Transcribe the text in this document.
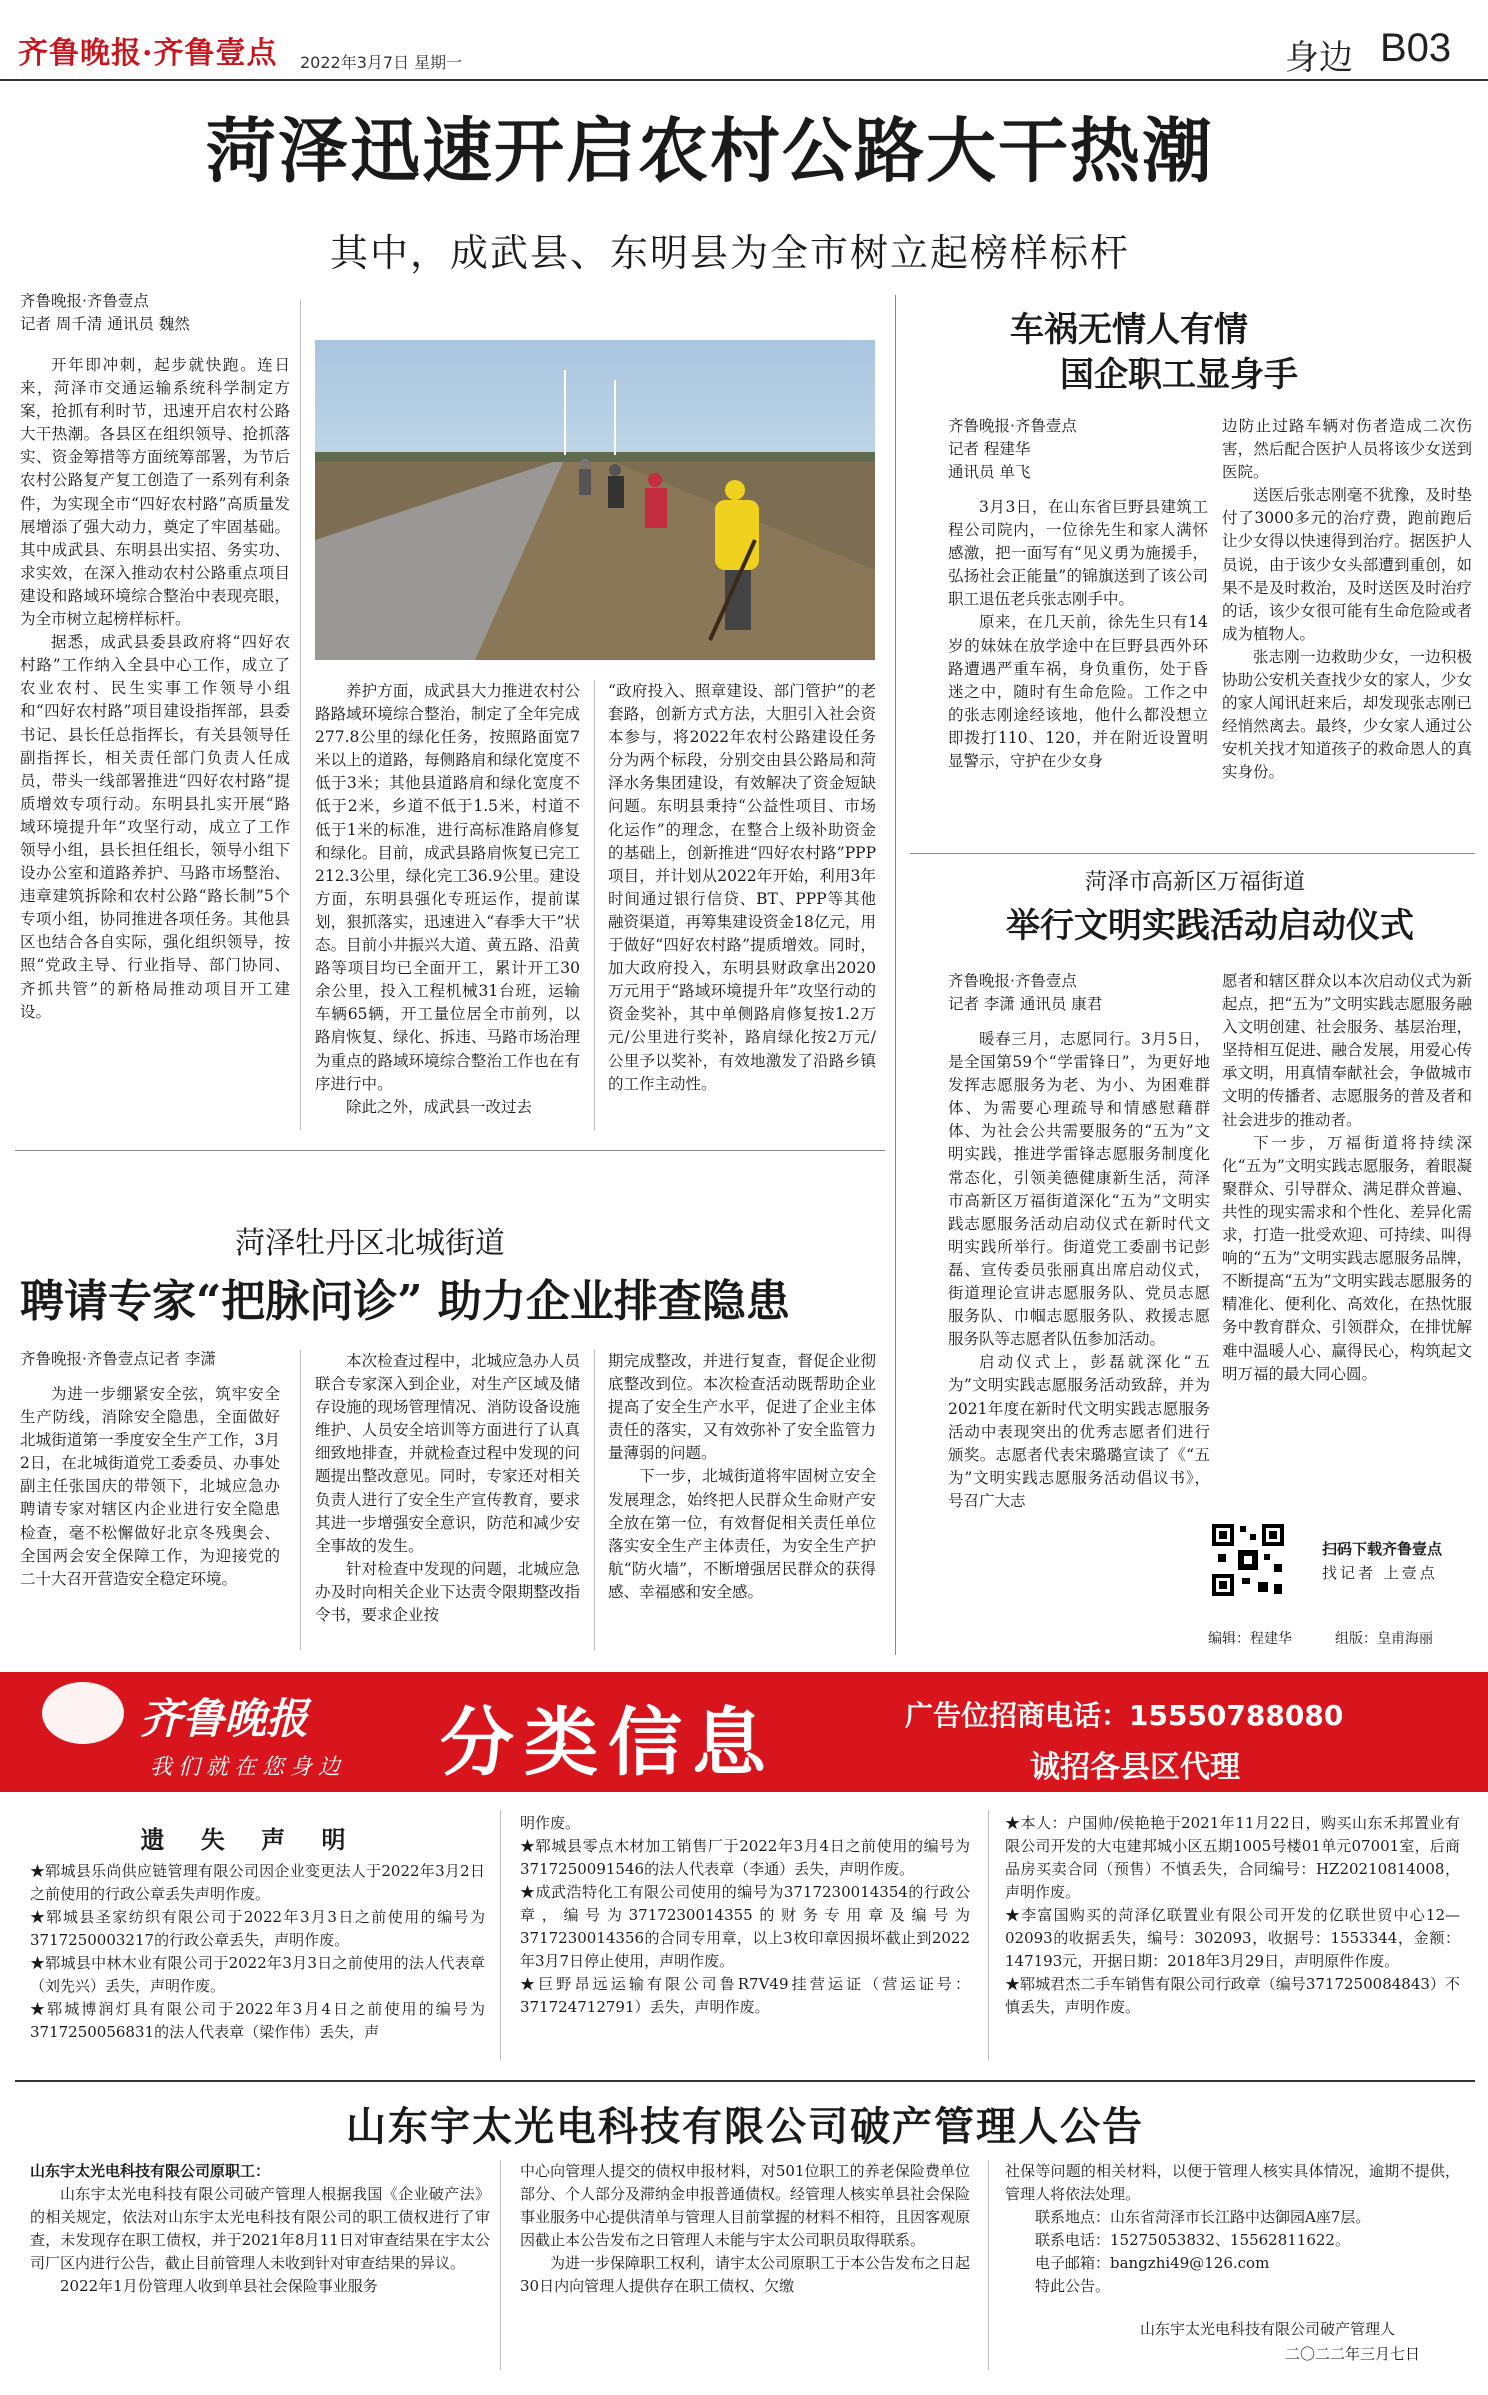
齐鲁晚报·齐鲁壹点 2022年3月7日 星期一	身边 B03
菏泽迅速开启农村公路大干热潮
其中，成武县、东明县为全市树立起榜样标杆
齐鲁晚报·齐鲁壹点
记者 周千清 通讯员 魏然

开年即冲刺，起步就快跑。连日来，菏泽市交通运输系统科学制定方案，抢抓有利时节，迅速开启农村公路大干热潮。各县区在组织领导、抢抓落实、资金筹措等方面统筹部署，为节后农村公路复产复工创造了一系列有利条件，为实现全市“四好农村路”高质量发展增添了强大动力，奠定了牢固基础。其中成武县、东明县出实招、务实功、求实效，在深入推动农村公路重点项目建设和路域环境综合整治中表现亮眼，为全市树立起榜样标杆。

据悉，成武县委县政府将“四好农村路”工作纳入全县中心工作，成立了农业农村、民生实事工作领导小组和“四好农村路”项目建设指挥部，县委书记、县长任总指挥长，有关县领导任副指挥长，相关责任部门负责人任成员，带头一线部署推进“四好农村路”提质增效专项行动。东明县扎实开展“路域环境提升年”攻坚行动，成立了工作领导小组，县长担任组长，领导小组下设办公室和道路养护、马路市场整治、违章建筑拆除和农村公路“路长制”5个专项小组，协同推进各项任务。其他县区也结合各自实际，强化组织领导，按照“党政主导、行业指导、部门协同、齐抓共管”的新格局推动项目开工建设。

养护方面，成武县大力推进农村公路路域环境综合整治，制定了全年完成277.8公里的绿化任务，按照路面宽7米以上的道路，每侧路肩和绿化宽度不低于3米；其他县道路肩和绿化宽度不低于2米，乡道不低于1.5米，村道不低于1米的标准，进行高标准路肩修复和绿化。目前，成武县路肩恢复已完工212.3公里，绿化完工36.9公里。建设方面，东明县强化专班运作，提前谋划，狠抓落实，迅速进入“春季大干”状态。目前小井振兴大道、黄五路、沿黄路等项目均已全面开工，累计开工30余公里，投入工程机械31台班，运输车辆65辆，开工量位居全市前列，以路肩恢复、绿化、拆违、马路市场治理为重点的路域环境综合整治工作也在有序进行中。

除此之外，成武县一改过去

“政府投入、照章建设、部门管护”的老套路，创新方式方法，大胆引入社会资本参与，将2022年农村公路建设任务分为两个标段，分别交由县公路局和菏泽水务集团建设，有效解决了资金短缺问题。东明县秉持“公益性项目、市场化运作”的理念，在整合上级补助资金的基础上，创新推进“四好农村路”PPP项目，并计划从2022年开始，利用3年时间通过银行信贷、BT、PPP等其他融资渠道，再筹集建设资金18亿元，用于做好“四好农村路”提质增效。同时，加大政府投入，东明县财政拿出2020万元用于“路域环境提升年”攻坚行动的资金奖补，其中单侧路肩修复按1.2万元/公里进行奖补，路肩绿化按2万元/公里予以奖补，有效地激发了沿路乡镇的工作主动性。

车祸无情人有情
国企职工显身手
齐鲁晚报·齐鲁壹点
记者 程建华
通讯员 单飞

3月3日，在山东省巨野县建筑工程公司院内，一位徐先生和家人满怀感激，把一面写有“见义勇为施援手，弘扬社会正能量”的锦旗送到了该公司职工退伍老兵张志刚手中。

原来，在几天前，徐先生只有14岁的妹妹在放学途中在巨野县西外环路遭遇严重车祸，身负重伤，处于昏迷之中，随时有生命危险。工作之中的张志刚途经该地，他什么都没想立即拨打110、120，并在附近设置明显警示，守护在少女身

边防止过路车辆对伤者造成二次伤害，然后配合医护人员将该少女送到医院。

送医后张志刚毫不犹豫，及时垫付了3000多元的治疗费，跑前跑后让少女得以快速得到治疗。据医护人员说，由于该少女头部遭到重创，如果不是及时救治，及时送医及时治疗的话，该少女很可能有生命危险或者成为植物人。

张志刚一边救助少女，一边积极协助公安机关查找少女的家人，少女的家人闻讯赶来后，却发现张志刚已经悄然离去。最终，少女家人通过公安机关找才知道孩子的救命恩人的真实身份。

菏泽市高新区万福街道
举行文明实践活动启动仪式
齐鲁晚报·齐鲁壹点
记者 李潇 通讯员 康君

暖春三月，志愿同行。3月5日，是全国第59个“学雷锋日”，为更好地发挥志愿服务为老、为小、为困难群体、为需要心理疏导和情感慰藉群体、为社会公共需要服务的“五为”文明实践，推进学雷锋志愿服务制度化常态化，引领美德健康新生活，菏泽市高新区万福街道深化“五为”文明实践志愿服务活动启动仪式在新时代文明实践所举行。街道党工委副书记彭磊、宣传委员张丽真出席启动仪式，街道理论宣讲志愿服务队、党员志愿服务队、巾帼志愿服务队、救援志愿服务队等志愿者队伍参加活动。

启动仪式上，彭磊就深化“五为”文明实践志愿服务活动致辞，并为2021年度在新时代文明实践志愿服务活动中表现突出的优秀志愿者们进行颁奖。志愿者代表宋璐璐宣读了《“五为”文明实践志愿服务活动倡议书》，号召广大志

愿者和辖区群众以本次启动仪式为新起点，把“五为”文明实践志愿服务融入文明创建、社会服务、基层治理，坚持相互促进、融合发展，用爱心传承文明，用真情奉献社会，争做城市文明的传播者、志愿服务的普及者和社会进步的推动者。

下一步，万福街道将持续深化“五为”文明实践志愿服务，着眼凝聚群众、引导群众、满足群众普遍、共性的现实需求和个性化、差异化需求，打造一批受欢迎、可持续、叫得响的“五为”文明实践志愿服务品牌，不断提高“五为”文明实践志愿服务的精准化、便利化、高效化，在热忱服务中教育群众、引领群众，在排忧解难中温暖人心、赢得民心，构筑起文明万福的最大同心圆。

扫码下载齐鲁壹点
找记者 上壹点
编辑：程建华	组版：皇甫海丽
菏泽牡丹区北城街道
聘请专家“把脉问诊” 助力企业排查隐患
齐鲁晚报·齐鲁壹点记者 李潇

为进一步绷紧安全弦，筑牢安全生产防线，消除安全隐患，全面做好北城街道第一季度安全生产工作，3月2日，在北城街道党工委委员、办事处副主任张国庆的带领下，北城应急办聘请专家对辖区内企业进行安全隐患检查，毫不松懈做好北京冬残奥会、全国两会安全保障工作，为迎接党的二十大召开营造安全稳定环境。

本次检查过程中，北城应急办人员联合专家深入到企业，对生产区域及储存设施的现场管理情况、消防设备设施维护、人员安全培训等方面进行了认真细致地排查，并就检查过程中发现的问题提出整改意见。同时，专家还对相关负责人进行了安全生产宣传教育，要求其进一步增强安全意识，防范和减少安全事故的发生。

针对检查中发现的问题，北城应急办及时向相关企业下达责令限期整改指令书，要求企业按

期完成整改，并进行复查，督促企业彻底整改到位。本次检查活动既帮助企业提高了安全生产水平，促进了企业主体责任的落实，又有效弥补了安全监管力量薄弱的问题。

下一步，北城街道将牢固树立安全发展理念，始终把人民群众生命财产安全放在第一位，有效督促相关责任单位落实安全生产主体责任，为安全生产护航“防火墙”，不断增强居民群众的获得感、幸福感和安全感。

齐鲁晚报
我们就在您身边 分类信息	广告位招商电话：15550788080
诚招各县区代理
遗 失 声 明

★郓城县乐尚供应链管理有限公司因企业变更法人于2022年3月2日之前使用的行政公章丢失声明作废。

★郓城县圣家纺织有限公司于2022年3月3日之前使用的编号为3717250003217的行政公章丢失，声明作废。

★郓城县中林木业有限公司于2022年3月3日之前使用的法人代表章（刘先兴）丢失，声明作废。

★郓城博润灯具有限公司于2022年3月4日之前使用的编号为3717250056831的法人代表章（梁作伟）丢失，声

明作废。

★郓城县零点木材加工销售厂于2022年3月4日之前使用的编号为3717250091546的法人代表章（李通）丢失，声明作废。

★成武浩特化工有限公司使用的编号为3717230014354的行政公章，编号为3717230014355的财务专用章及编号为3717230014356的合同专用章，以上3枚印章因损坏截止到2022年3月7日停止使用，声明作废。

★巨野昂远运输有限公司鲁R7V49挂营运证（营运证号：371724712791）丢失，声明作废。

★本人：户国帅/侯艳艳于2021年11月22日，购买山东禾邦置业有限公司开发的大屯建邦城小区五期1005号楼01单元07001室，后商品房买卖合同（预售）不慎丢失，合同编号：HZ20210814008，声明作废。

★李富国购买的菏泽亿联置业有限公司开发的亿联世贸中心12—02093的收据丢失，编号：302093，收据号：1553344，金额：147193元，开据日期：2018年3月29日，声明原件作废。

★郓城君杰二手车销售有限公司行政章（编号3717250084843）不慎丢失，声明作废。

山东宇太光电科技有限公司破产管理人公告
山东宇太光电科技有限公司原职工：

山东宇太光电科技有限公司破产管理人根据我国《企业破产法》的相关规定，依法对山东宇太光电科技有限公司的职工债权进行了审查，未发现存在职工债权，并于2021年8月11日对审查结果在宇太公司厂区内进行公告，截止目前管理人未收到针对审查结果的异议。

2022年1月份管理人收到单县社会保险事业服务

中心向管理人提交的债权申报材料，对501位职工的养老保险费单位部分、个人部分及滞纳金申报普通债权。经管理人核实单县社会保险事业服务中心提供清单与管理人目前掌握的材料不相符，且因客观原因截止本公告发布之日管理人未能与宇太公司职员取得联系。

为进一步保障职工权利，请宇太公司原职工于本公告发布之日起30日内向管理人提供存在职工债权、欠缴

社保等问题的相关材料，以便于管理人核实具体情况，逾期不提供，管理人将依法处理。

联系地点：山东省菏泽市长江路中达御园A座7层。

联系电话：15275053832、15562811622。

电子邮箱：bangzhi49@126.com

特此公告。

山东宇太光电科技有限公司破产管理人
二〇二二年三月七日
